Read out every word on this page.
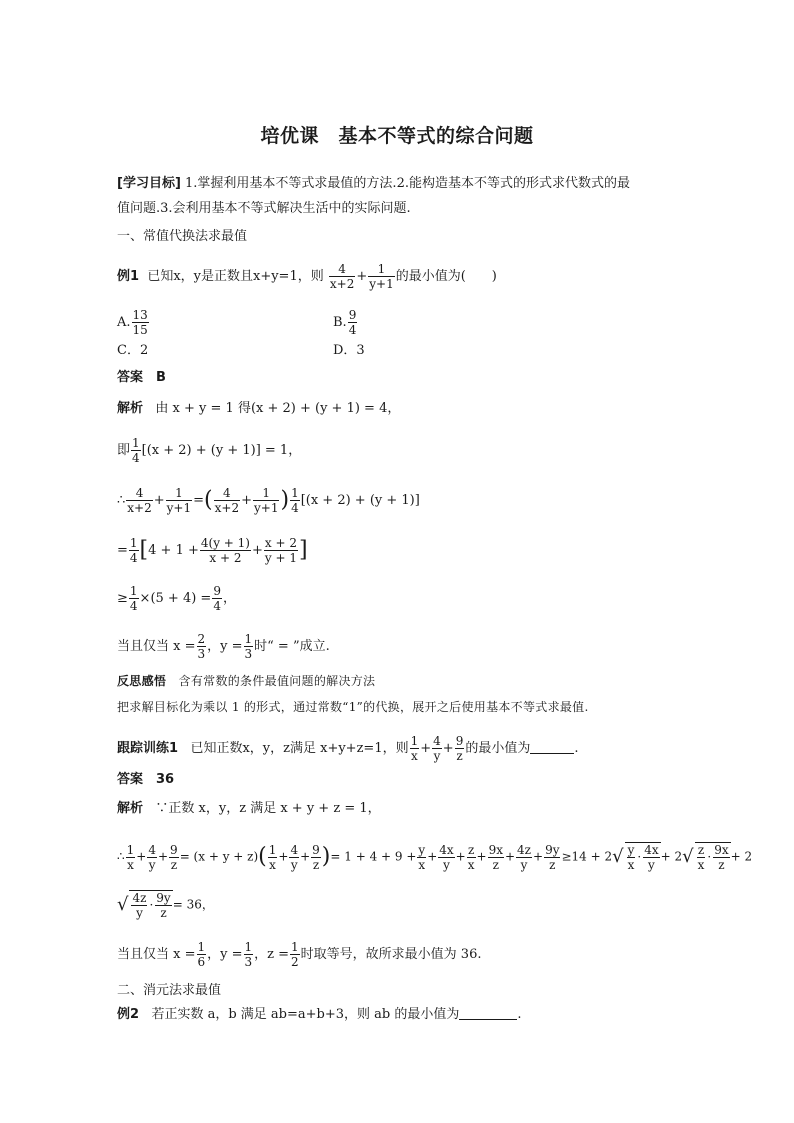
培优课　基本不等式的综合问题
[学习目标] 1.掌握利用基本不等式求最值的方法.2.能构造基本不等式的形式求代数式的最
值问题.3.会利用基本不等式解决生活中的实际问题.
一、常值代换法求最值
例1 已知x，y是正数且x+y=1，则 $\frac{4}{x+2} + \frac{1}{y+1}$ 的最小值为(　　)
A. $\frac{13}{15}$	B. $\frac{9}{4}$
C．2	D．3
答案　B
解析 由 x + y = 1 得(x + 2) + (y + 1) = 4，
即 $\frac{1}{4} [(x + 2) + (y + 1)] = 1$，
∴ $\frac{4}{x+2} + \frac{1}{y+1}$ =( $\frac{4}{x+2} + \frac{1}{y+1}$ ) $\frac{1}{4} [(x + 2) + (y + 1)]$
= $\frac{1}{4} [4 + 1 + \frac{4(y + 1)}{x + 2} + \frac{x + 2}{y + 1}$ ]
≥ $\frac{1}{4} \times(5 + 4) = \frac{9}{4}$ ，
当且仅当 $x = \frac{2}{3}$ ，$y = \frac{1}{3}$ 时“ = ”成立.
反思感悟 含有常数的条件最值问题的解决方法
把求解目标化为乘以 1 的形式，通过常数“1”的代换，展开之后使用基本不等式求最值.
跟踪训练1 已知正数x，y，z满足 x+y+z=1，则 $\frac{1}{x} + \frac{4}{y} + \frac{9}{z}$ 的最小值为	.
答案　36
解析 ∵正数 x，y，z 满足 x + y + z = 1，
∴ $\frac{1}{x} + \frac{4}{y} + \frac{9}{z} = (x + y + z)( \frac{1}{x} + \frac{4}{y} + \frac{9}{z}$ )= $1 + 4 + 9 + \frac{y}{x} + \frac{4x}{y} + \frac{z}{x} + \frac{9x}{z} + \frac{4z}{y} + \frac{9y}{z} \ge 14 + 2√ \frac{y}{x} \cdot \frac{4x}{y} + 2√ \frac{z}{x} \cdot \frac{9x}{z} + 2$
√ $\frac{4z}{y} \cdot \frac{9y}{z} = 36$，
当且仅当 $x = \frac{1}{6}$ ，$y = \frac{1}{3}$ ，$z = \frac{1}{2}$ 时取等号，故所求最小值为 36.
二、消元法求最值
例2 若正实数 a，b 满足 ab=a+b+3，则 ab 的最小值为	.
